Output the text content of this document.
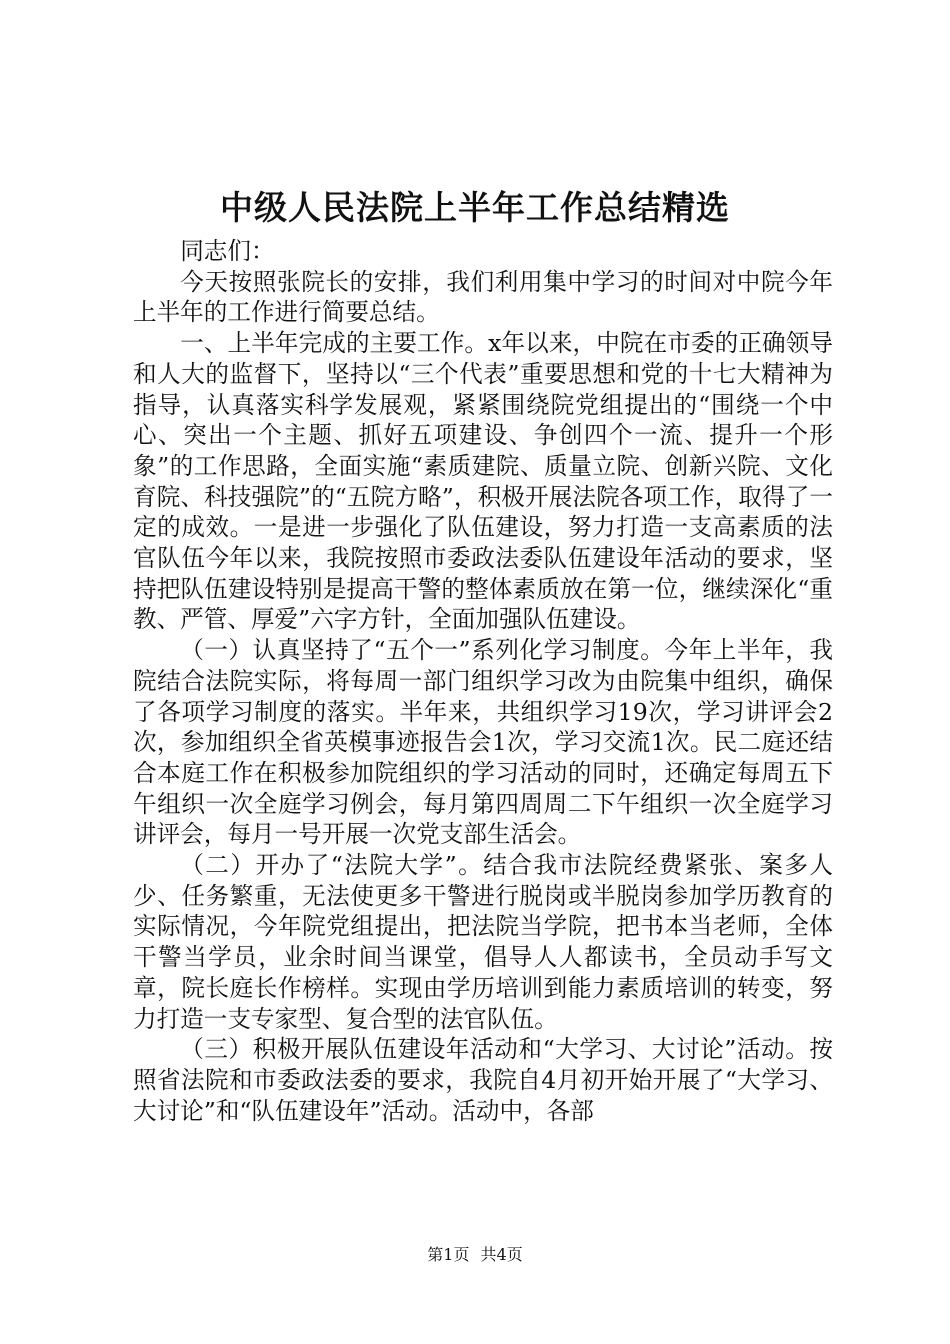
中级人民法院上半年工作总结精选

同志们：

今天按照张院长的安排，我们利用集中学习的时间对中院今年上半年的工作进行简要总结。

一、上半年完成的主要工作。x年以来，中院在市委的正确领导和人大的监督下，坚持以“三个代表”重要思想和党的十七大精神为指导，认真落实科学发展观，紧紧围绕院党组提出的“围绕一个中心、突出一个主题、抓好五项建设、争创四个一流、提升一个形象”的工作思路，全面实施“素质建院、质量立院、创新兴院、文化育院、科技强院”的“五院方略”，积极开展法院各项工作，取得了一定的成效。一是进一步强化了队伍建设，努力打造一支高素质的法官队伍今年以来，我院按照市委政法委队伍建设年活动的要求，坚持把队伍建设特别是提高干警的整体素质放在第一位，继续深化“重教、严管、厚爱”六字方针，全面加强队伍建设。

（一）认真坚持了“五个一”系列化学习制度。今年上半年，我院结合法院实际，将每周一部门组织学习改为由院集中组织，确保了各项学习制度的落实。半年来，共组织学习19次，学习讲评会2次，参加组织全省英模事迹报告会1次，学习交流1次。民二庭还结合本庭工作在积极参加院组织的学习活动的同时，还确定每周五下午组织一次全庭学习例会，每月第四周周二下午组织一次全庭学习讲评会，每月一号开展一次党支部生活会。

（二）开办了“法院大学”。结合我市法院经费紧张、案多人少、任务繁重，无法使更多干警进行脱岗或半脱岗参加学历教育的实际情况，今年院党组提出，把法院当学院，把书本当老师，全体干警当学员，业余时间当课堂，倡导人人都读书，全员动手写文章，院长庭长作榜样。实现由学历培训到能力素质培训的转变，努力打造一支专家型、复合型的法官队伍。

（三）积极开展队伍建设年活动和“大学习、大讨论”活动。按照省法院和市委政法委的要求，我院自4月初开始开展了“大学习、大讨论”和“队伍建设年”活动。活动中，各部

第1页 共4页
